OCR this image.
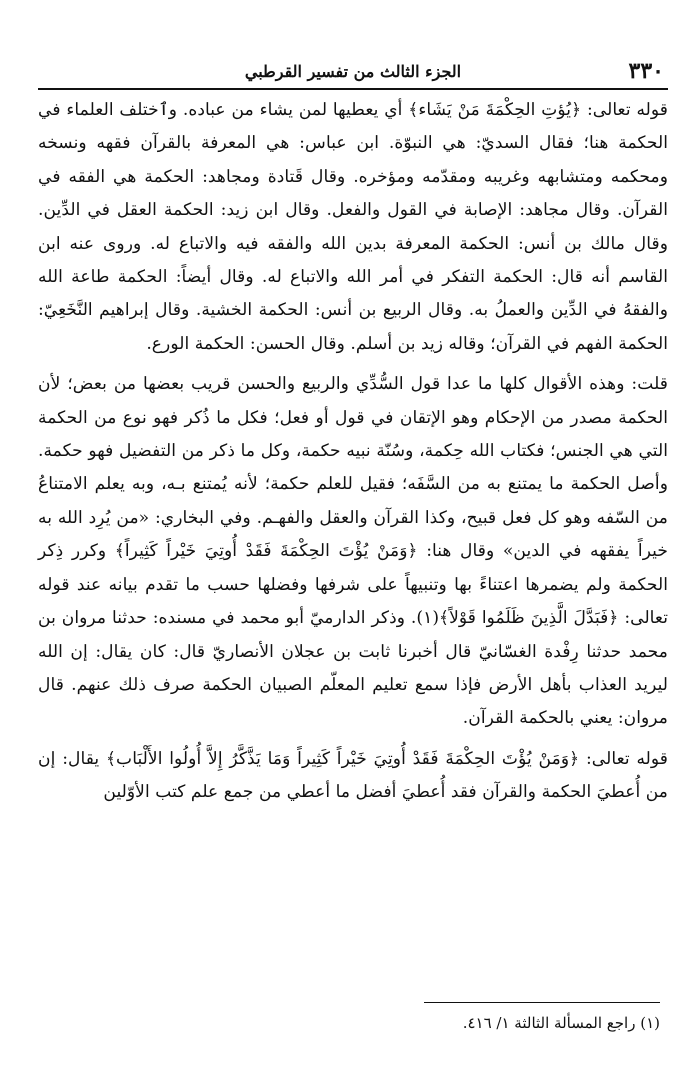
٣٣٠
الجزء الثالث من تفسير القرطبي

قوله تعالى: ﴿يُؤتِ الحِكْمَةَ مَنْ يَشَاء﴾ أي يعطيها لمن يشاء من عباده. وٱختلف العلماء في الحكمة هنا؛ فقال السديّ: هي النبوّة. ابن عباس: هي المعرفة بالقرآن فقهه ونسخه ومحكمه ومتشابهه وغريبه ومقدّمه ومؤخره. وقال قَتادة ومجاهد: الحكمة هي الفقه في القرآن. وقال مجاهد: الإصابة في القول والفعل. وقال ابن زيد: الحكمة العقل في الدِّين. وقال مالك بن أنس: الحكمة المعرفة بدين الله والفقه فيه والاتباع له. وروى عنه ابن القاسم أنه قال: الحكمة التفكر في أمر الله والاتباع له. وقال أيضاً: الحكمة طاعة الله والفقهُ في الدِّين والعملُ به. وقال الربيع بن أنس: الحكمة الخشية. وقال إبراهيم النَّخَعِيّ: الحكمة الفهم في القرآن؛ وقاله زيد بن أسلم. وقال الحسن: الحكمة الورع.

قلت: وهذه الأقوال كلها ما عدا قول السُّدِّي والربيع والحسن قريب بعضها من بعض؛ لأن الحكمة مصدر من الإحكام وهو الإتقان في قول أو فعل؛ فكل ما ذُكر فهو نوع من الحكمة التي هي الجنس؛ فكتاب الله حِكمة، وسُنّة نبيه حكمة، وكل ما ذكر من التفضيل فهو حكمة. وأصل الحكمة ما يمتنع به من السَّفَه؛ فقيل للعلم حكمة؛ لأنه يُمتنع بـه، وبه يعلم الامتناعُ من السّفه وهو كل فعل قبيح، وكذا القرآن والعقل والفهـم. وفي البخاري: «من يُرِد الله به خيراً يفقهه في الدين» وقال هنا: ﴿وَمَنْ يُؤْتَ الحِكْمَةَ فَقَدْ أُوتِيَ خَيْراً كَثِيراً﴾ وكرر ذِكر الحكمة ولم يضمرها اعتناءً بها وتنبيهاً على شرفها وفضلها حسب ما تقدم بيانه عند قوله تعالى: ﴿فَبَدَّلَ الَّذِينَ ظَلَمُوا قَوْلاً﴾(١). وذكر الدارميّ أبو محمد في مسنده: حدثنا مروان بن محمد حدثنا رِفْدة الغسّانيّ قال أخبرنا ثابت بن عجلان الأنصاريّ قال: كان يقال: إن الله ليريد العذاب بأهل الأرض فإذا سمع تعليم المعلّم الصبيان الحكمة صرف ذلك عنهم. قال مروان: يعني بالحكمة القرآن.

قوله تعالى: ﴿وَمَنْ يُؤْتَ الحِكْمَةَ فَقَدْ أُوتِيَ خَيْراً كَثِيراً وَمَا يَذَّكَّرُ إِلاَّ أُولُوا الأَلْبَاب﴾ يقال: إن من أُعطيَ الحكمة والقرآن فقد أُعطيَ أفضل ما أعطي من جمع علم كتب الأوّلين

(١) راجع المسألة الثالثة ١/ ٤١٦.
